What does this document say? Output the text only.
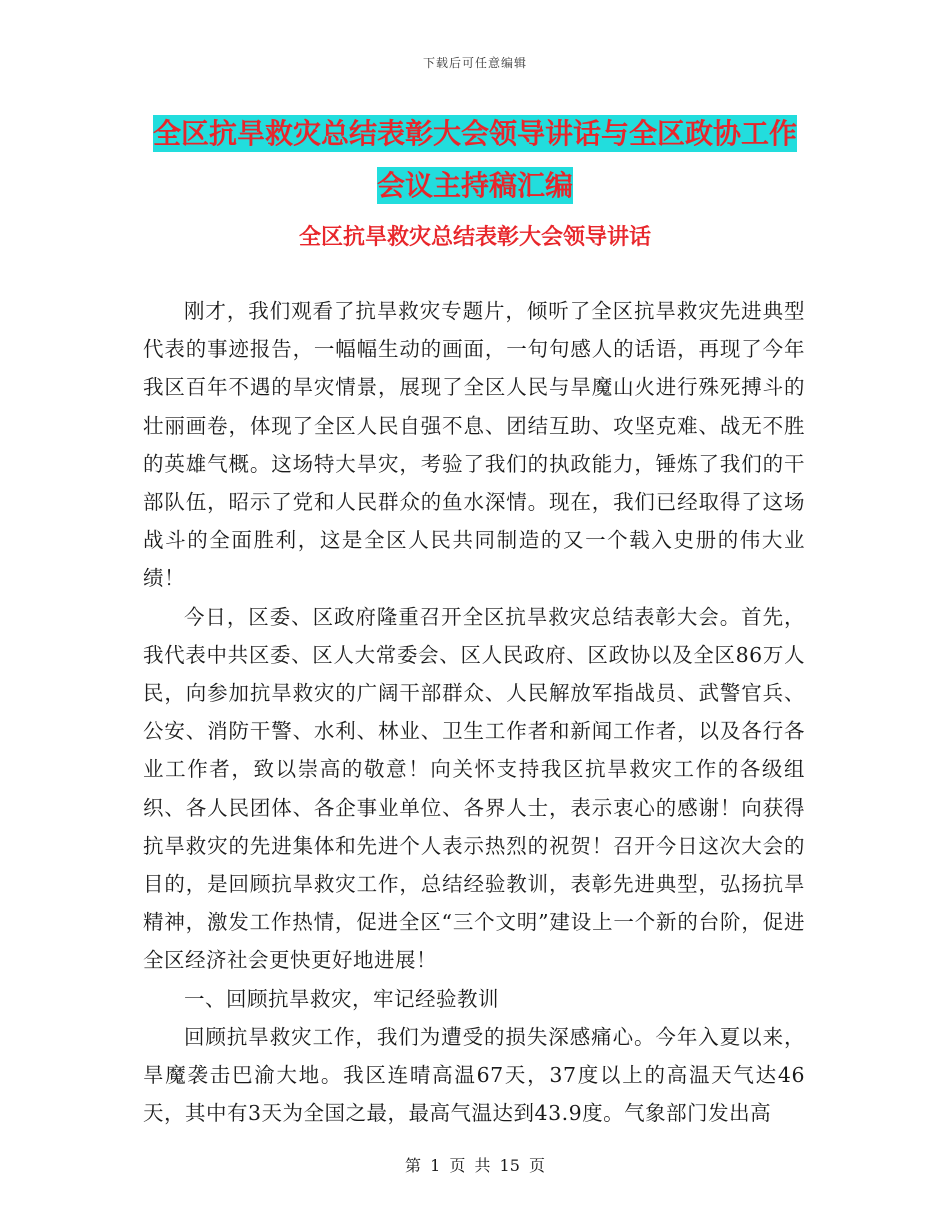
下载后可任意编辑
全区抗旱救灾总结表彰大会领导讲话与全区政协工作
会议主持稿汇编
全区抗旱救灾总结表彰大会领导讲话

刚才，我们观看了抗旱救灾专题片，倾听了全区抗旱救灾先进典型代表的事迹报告，一幅幅生动的画面，一句句感人的话语，再现了今年我区百年不遇的旱灾情景，展现了全区人民与旱魔山火进行殊死搏斗的壮丽画卷，体现了全区人民自强不息、团结互助、攻坚克难、战无不胜的英雄气概。这场特大旱灾，考验了我们的执政能力，锤炼了我们的干部队伍，昭示了党和人民群众的鱼水深情。现在，我们已经取得了这场战斗的全面胜利，这是全区人民共同制造的又一个载入史册的伟大业绩！

今日，区委、区政府隆重召开全区抗旱救灾总结表彰大会。首先，我代表中共区委、区人大常委会、区人民政府、区政协以及全区86万人民，向参加抗旱救灾的广阔干部群众、人民解放军指战员、武警官兵、公安、消防干警、水利、林业、卫生工作者和新闻工作者，以及各行各业工作者，致以崇高的敬意！向关怀支持我区抗旱救灾工作的各级组织、各人民团体、各企事业单位、各界人士，表示衷心的感谢！向获得抗旱救灾的先进集体和先进个人表示热烈的祝贺！召开今日这次大会的目的，是回顾抗旱救灾工作，总结经验教训，表彰先进典型，弘扬抗旱精神，激发工作热情，促进全区“三个文明”建设上一个新的台阶，促进全区经济社会更快更好地进展！

一、回顾抗旱救灾，牢记经验教训

回顾抗旱救灾工作，我们为遭受的损失深感痛心。今年入夏以来，旱魔袭击巴渝大地。我区连晴高温67天，37度以上的高温天气达46天，其中有3天为全国之最，最高气温达到43.9度。气象部门发出高

第 1 页 共 15 页
